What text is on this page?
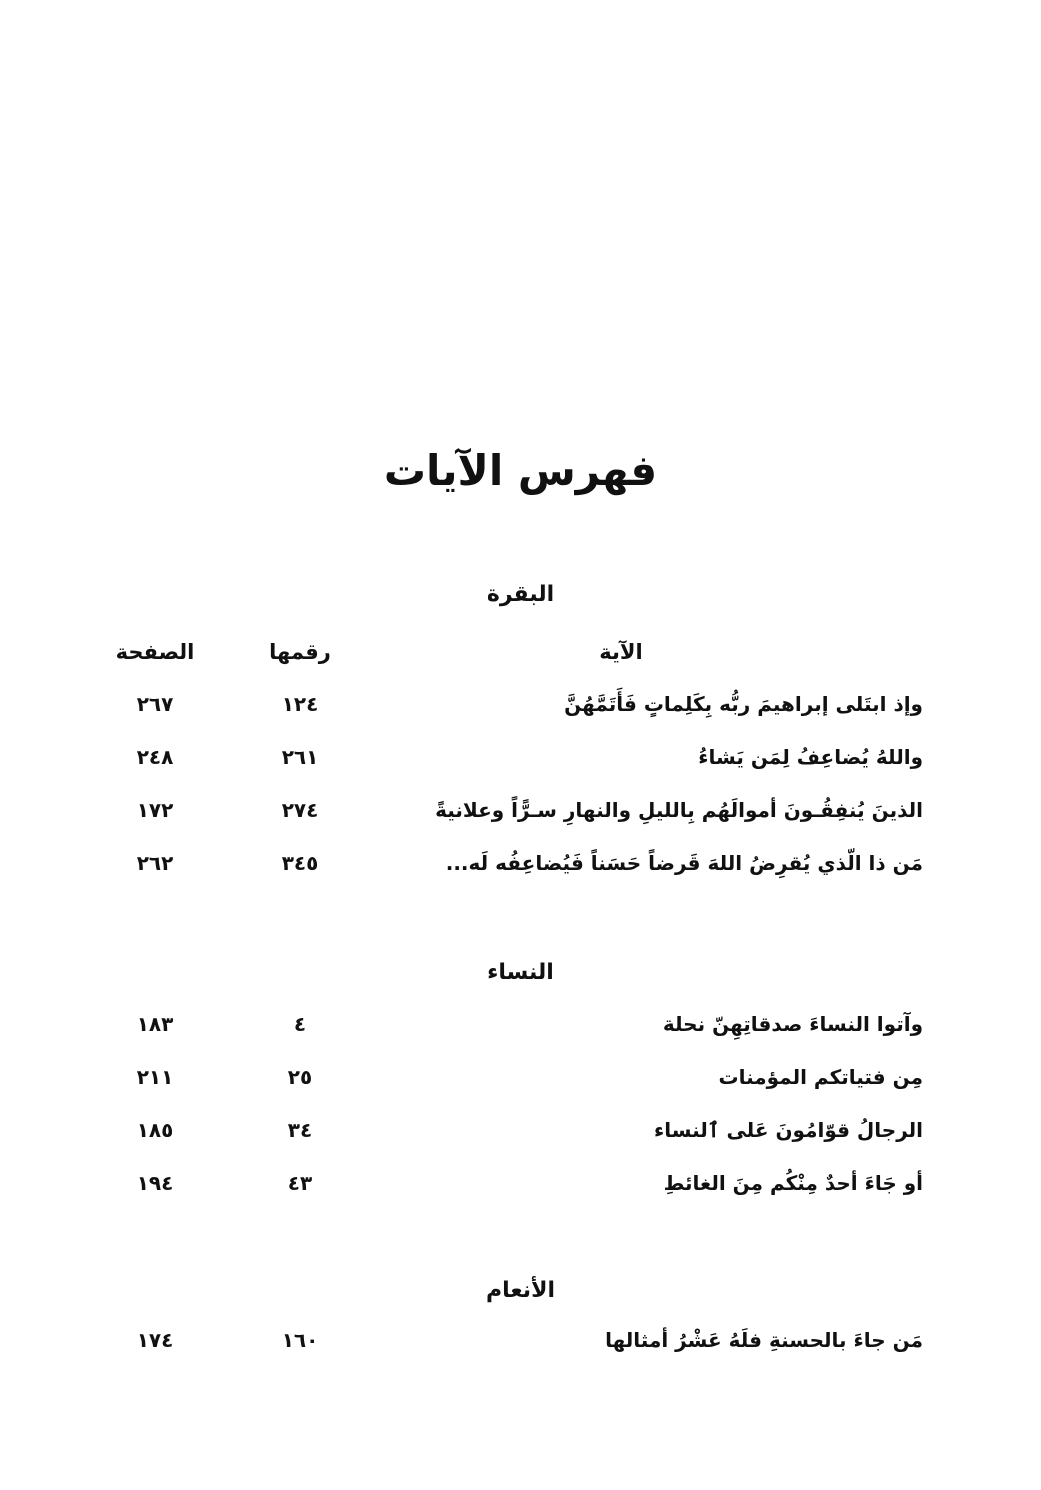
فهرس الآيات
البقرة
الآية
رقمها
الصفحة
وإذ ابتَلى إبراهيمَ ربُّه بِكَلِماتٍ فَأَتَمَّهُنَّ
١٢٤
٢٦٧
واللهُ يُضاعِفُ لِمَن يَشاءُ
٢٦١
٢٤٨
الذينَ يُنفِقُـونَ أموالَهُم بِالليلِ والنهارِ سـرًّاً وعلانيةً
٢٧٤
١٧٢
مَن ذا الّذي يُقرِضُ اللهَ قَرضاً حَسَناً فَيُضاعِفُه لَه...
٣٤٥
٢٦٢
النساء
وآتوا النساءَ صدقاتِهِنّ نحلة
٤
١٨٣
مِن فتياتكم المؤمنات
٢٥
٢١١
الرجالُ قوّامُونَ عَلى ٱلنساء
٣٤
١٨٥
أو جَاءَ أحدٌ مِنْكُم مِنَ الغائطِ
٤٣
١٩٤
الأنعام
مَن جاءَ بالحسنةِ فلَهُ عَشْرُ أمثالها
١٦٠
١٧٤
